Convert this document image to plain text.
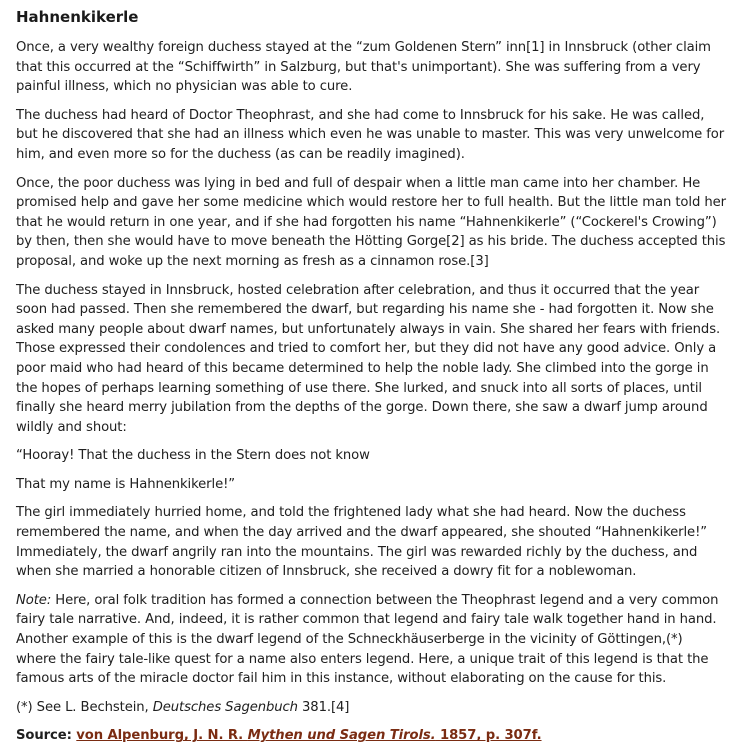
Hahnenkikerle

Once, a very wealthy foreign duchess stayed at the “zum Goldenen Stern” inn[1] in Innsbruck (other claim that this occurred at the “Schiffwirth” in Salzburg, but that's unimportant). She was suffering from a very painful illness, which no physician was able to cure.

The duchess had heard of Doctor Theophrast, and she had come to Innsbruck for his sake. He was called, but he discovered that she had an illness which even he was unable to master. This was very unwelcome for him, and even more so for the duchess (as can be readily imagined).

Once, the poor duchess was lying in bed and full of despair when a little man came into her chamber. He promised help and gave her some medicine which would restore her to full health. But the little man told her that he would return in one year, and if she had forgotten his name “Hahnenkikerle” (“Cockerel's Crowing”) by then, then she would have to move beneath the Hötting Gorge[2] as his bride. The duchess accepted this proposal, and woke up the next morning as fresh as a cinnamon rose.[3]

The duchess stayed in Innsbruck, hosted celebration after celebration, and thus it occurred that the year soon had passed. Then she remembered the dwarf, but regarding his name she - had forgotten it. Now she asked many people about dwarf names, but unfortunately always in vain. She shared her fears with friends. Those expressed their condolences and tried to comfort her, but they did not have any good advice. Only a poor maid who had heard of this became determined to help the noble lady. She climbed into the gorge in the hopes of perhaps learning something of use there. She lurked, and snuck into all sorts of places, until finally she heard merry jubilation from the depths of the gorge. Down there, she saw a dwarf jump around wildly and shout:

“Hooray! That the duchess in the Stern does not know

That my name is Hahnenkikerle!”

The girl immediately hurried home, and told the frightened lady what she had heard. Now the duchess remembered the name, and when the day arrived and the dwarf appeared, she shouted “Hahnenkikerle!” Immediately, the dwarf angrily ran into the mountains. The girl was rewarded richly by the duchess, and when she married a honorable citizen of Innsbruck, she received a dowry fit for a noblewoman.

Note: Here, oral folk tradition has formed a connection between the Theophrast legend and a very common fairy tale narrative. And, indeed, it is rather common that legend and fairy tale walk together hand in hand. Another example of this is the dwarf legend of the Schneckhäuserberge in the vicinity of Göttingen,(*) where the fairy tale-like quest for a name also enters legend. Here, a unique trait of this legend is that the famous arts of the miracle doctor fail him in this instance, without elaborating on the cause for this.

(*) See L. Bechstein, Deutsches Sagenbuch 381.[4]

Source: von Alpenburg, J. N. R. Mythen und Sagen Tirols. 1857, p. 307f.
